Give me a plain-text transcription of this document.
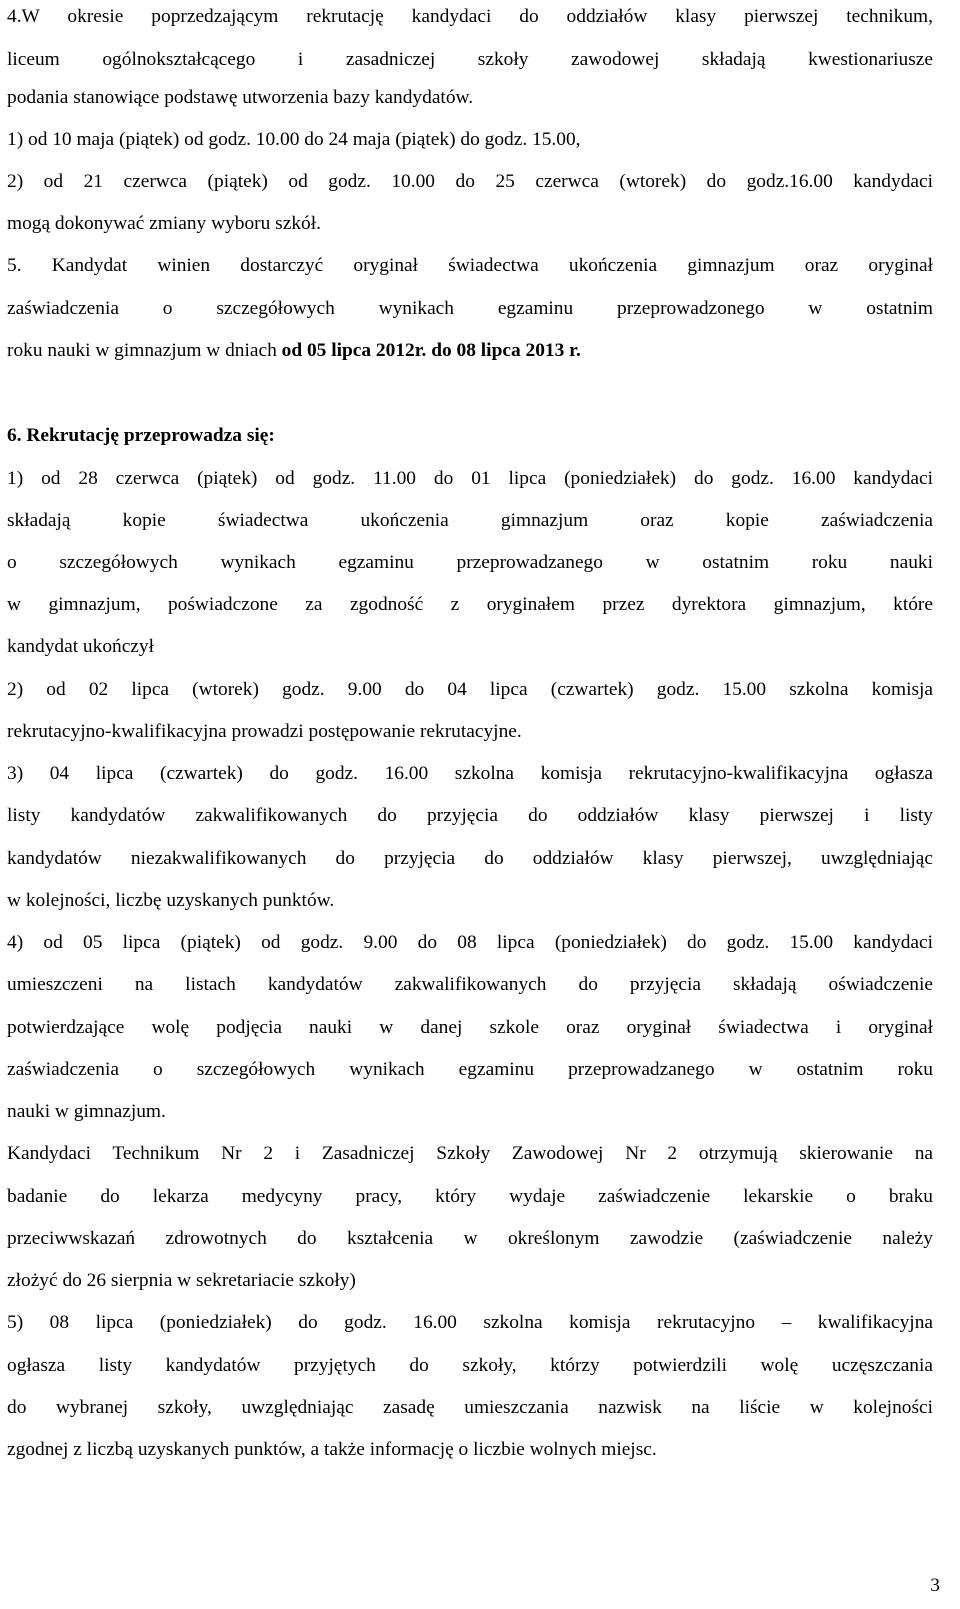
4.W okresie poprzedzającym rekrutację kandydaci do oddziałów klasy pierwszej technikum,
liceum ogólnokształcącego i zasadniczej szkoły zawodowej składają kwestionariusze
podania stanowiące podstawę utworzenia bazy kandydatów.
1) od 10 maja (piątek) od godz. 10.00 do 24 maja (piątek) do godz. 15.00,
2) od 21 czerwca (piątek) od godz. 10.00 do 25 czerwca (wtorek) do godz.16.00 kandydaci
mogą dokonywać zmiany wyboru szkół.
5. Kandydat winien dostarczyć oryginał świadectwa ukończenia gimnazjum oraz oryginał
zaświadczenia o szczegółowych wynikach egzaminu przeprowadzonego w ostatnim
roku nauki w gimnazjum w dniach od 05 lipca 2012r. do 08 lipca 2013 r.
6. Rekrutację przeprowadza się:
1) od 28 czerwca (piątek) od godz. 11.00 do 01 lipca (poniedziałek) do godz. 16.00 kandydaci
składają kopie świadectwa ukończenia gimnazjum oraz kopie zaświadczenia
o szczegółowych wynikach egzaminu przeprowadzanego w ostatnim roku nauki
w gimnazjum, poświadczone za zgodność z oryginałem przez dyrektora gimnazjum, które
kandydat ukończył
2) od 02 lipca (wtorek) godz. 9.00 do 04 lipca (czwartek) godz. 15.00 szkolna komisja
rekrutacyjno-kwalifikacyjna prowadzi postępowanie rekrutacyjne.
3) 04 lipca (czwartek) do godz. 16.00 szkolna komisja rekrutacyjno-kwalifikacyjna ogłasza
listy kandydatów zakwalifikowanych do przyjęcia do oddziałów klasy pierwszej i listy
kandydatów niezakwalifikowanych do przyjęcia do oddziałów klasy pierwszej, uwzględniając
w kolejności, liczbę uzyskanych punktów.
4) od 05 lipca (piątek) od godz. 9.00 do 08 lipca (poniedziałek) do godz. 15.00 kandydaci
umieszczeni na listach kandydatów zakwalifikowanych do przyjęcia składają oświadczenie
potwierdzające wolę podjęcia nauki w danej szkole oraz oryginał świadectwa i oryginał
zaświadczenia o szczegółowych wynikach egzaminu przeprowadzanego w ostatnim roku
nauki w gimnazjum.
Kandydaci Technikum Nr 2 i Zasadniczej Szkoły Zawodowej Nr 2 otrzymują skierowanie na
badanie do lekarza medycyny pracy, który wydaje zaświadczenie lekarskie o braku
przeciwwskazań zdrowotnych do kształcenia w określonym zawodzie (zaświadczenie należy
złożyć do 26 sierpnia w sekretariacie szkoły)
5) 08 lipca (poniedziałek) do godz. 16.00 szkolna komisja rekrutacyjno – kwalifikacyjna
ogłasza listy kandydatów przyjętych do szkoły, którzy potwierdzili wolę uczęszczania
do wybranej szkoły, uwzględniając zasadę umieszczania nazwisk na liście w kolejności
zgodnej z liczbą uzyskanych punktów, a także informację o liczbie wolnych miejsc.
3
